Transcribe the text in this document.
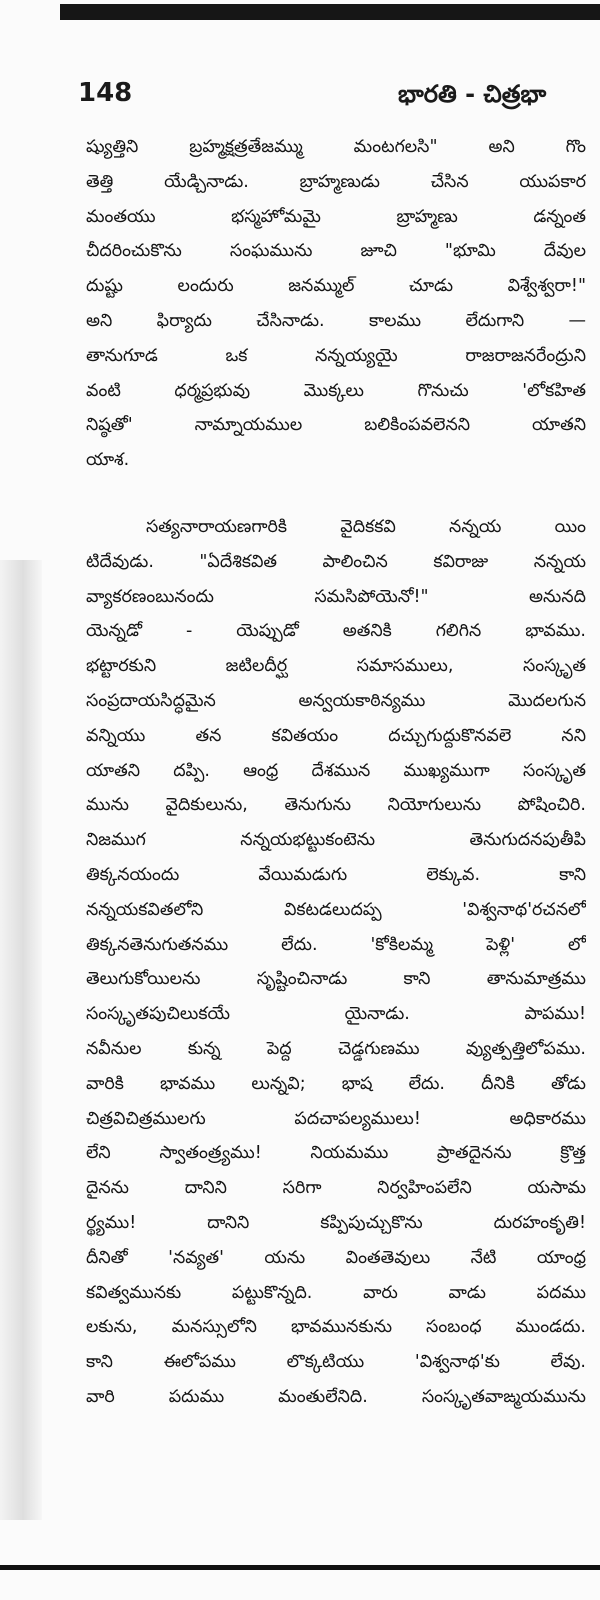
148	భారతి - చిత్రభా
ష్యుత్తిని బ్రహ్మక్షత్రతేజమ్ము మంటగలసి" అని గొం
తెత్తి యేడ్చినాడు. బ్రాహ్మణుడు చేసిన యుపకార
మంతయు భస్మహోమమై బ్రాహ్మణు డన్నంత
చీదరించుకొను సంఘమును జూచి "భూమి దేవుల
దుష్టు లందురు జనమ్ముల్ చూడు విశ్వేశ్వరా!"
అని ఫిర్యాదు చేసినాడు. కాలము లేదుగాని —
తానుగూడ ఒక నన్నయ్యయై రాజరాజనరేంద్రుని
వంటి ధర్మప్రభువు మొక్కలు గొనుచు 'లోకహిత
నిష్ఠతో' నామ్నాయముల బలికింపవలెనని యాతని
యాశ.
సత్యనారాయణగారికి వైదికకవి నన్నయ యిం
టిదేవుడు. "ఏదేశికవిత పాలించిన కవిరాజు నన్నయ
వ్యాకరణంబునందు సమసిపోయెనో!" అనునది
యెన్నడో - యెప్పుడో అతనికి గలిగిన భావము.
భట్టారకుని జటిలదీర్ఘ సమాసములు, సంస్కృత
సంప్రదాయసిద్ధమైన అన్వయకాఠిన్యము మొదలగున
వన్నియు తన కవితయం దచ్చుగుద్దుకొనవలె నని
యాతని దప్పి. ఆంధ్ర దేశమున ముఖ్యముగా సంస్కృత
మును వైదికులును, తెనుగును నియోగులును పోషించిరి.
నిజముగ నన్నయభట్టుకంటెను తెనుగుదనపుతీపి
తిక్కనయందు వేయిమడుగు లెక్కువ. కాని
నన్నయకవితలోని వికటడలుదప్ప 'విశ్వనాథ'రచనలో
తిక్కనతెనుగుతనము లేదు. 'కోకిలమ్మ పెళ్లి' లో
తెలుగుకోయిలను సృష్టించినాడు కాని తానుమాత్రము
సంస్కృతపుచిలుకయే యైనాడు. పాపము!
నవీనుల కున్న పెద్ద చెడ్డగుణము వ్యుత్పత్తిలోపము.
వారికి భావము లున్నవి; భాష లేదు. దీనికి తోడు
చిత్రవిచిత్రములగు పదచాపల్యములు! అధికారము
లేని స్వాతంత్ర్యము! నియమము ప్రాతదైనను క్రొత్త
దైనను దానిని సరిగా నిర్వహింపలేని యసామ
ర్థ్యము! దానిని కప్పిపుచ్చుకొను దురహంకృతి!
దీనితో 'నవ్యత' యను వింతతెవులు నేటి యాంధ్ర
కవిత్వమునకు పట్టుకొన్నది. వారు వాడు పదము
లకును, మనస్సులోని భావమునకును సంబంధ ముండదు.
కాని ఈలోపము లొక్కటియు 'విశ్వనాథ'కు లేవు.
వారి పదుము మంతులేనిది. సంస్కృతవాఙ్మయమును
